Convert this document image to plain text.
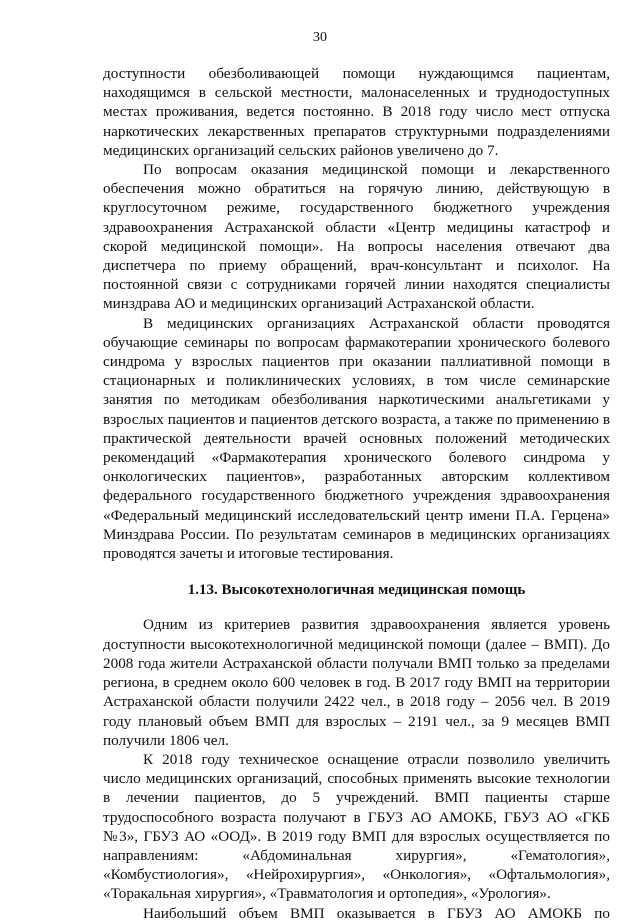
30

доступности обезболивающей помощи нуждающимся пациентам, находящимся в сельской местности, малонаселенных и труднодоступных местах проживания, ведется постоянно. В 2018 году число мест отпуска наркотических лекарственных препаратов структурными подразделениями медицинских организаций сельских районов увеличено до 7.

По вопросам оказания медицинской помощи и лекарственного обеспечения можно обратиться на горячую линию, действующую в круглосуточном режиме, государственного бюджетного учреждения здравоохранения Астраханской области «Центр медицины катастроф и скорой медицинской помощи». На вопросы населения отвечают два диспетчера по приему обращений, врач-консультант и психолог. На постоянной связи с сотрудниками горячей линии находятся специалисты минздрава АО и медицинских организаций Астраханской области.

В медицинских организациях Астраханской области проводятся обучающие семинары по вопросам фармакотерапии хронического болевого синдрома у взрослых пациентов при оказании паллиативной помощи в стационарных и поликлинических условиях, в том числе семинарские занятия по методикам обезболивания наркотическими анальгетиками у взрослых пациентов и пациентов детского возраста, а также по применению в практической деятельности врачей основных положений методических рекомендаций «Фармакотерапия хронического болевого синдрома у онкологических пациентов», разработанных авторским коллективом федерального государственного бюджетного учреждения здравоохранения «Федеральный медицинский исследовательский центр имени П.А. Герцена» Минздрава России. По результатам семинаров в медицинских организациях проводятся зачеты и итоговые тестирования.

1.13. Высокотехнологичная медицинская помощь

Одним из критериев развития здравоохранения является уровень доступности высокотехнологичной медицинской помощи (далее – ВМП). До 2008 года жители Астраханской области получали ВМП только за пределами региона, в среднем около 600 человек в год. В 2017 году ВМП на территории Астраханской области получили 2422 чел., в 2018 году – 2056 чел. В 2019 году плановый объем ВМП для взрослых – 2191 чел., за 9 месяцев ВМП получили 1806 чел.

К 2018 году техническое оснащение отрасли позволило увеличить число медицинских организаций, способных применять высокие технологии в лечении пациентов, до 5 учреждений. ВМП пациенты старше трудоспособного возраста получают в ГБУЗ АО АМОКБ, ГБУЗ АО «ГКБ №3», ГБУЗ АО «ООД». В 2019 году ВМП для взрослых осуществляется по направлениям: «Абдоминальная хирургия», «Гематология», «Комбустиология», «Нейрохирургия», «Онкология», «Офтальмология», «Торакальная хирургия», «Травматология и ортопедия», «Урология».

Наибольший объем ВМП оказывается в ГБУЗ АО АМОКБ по
